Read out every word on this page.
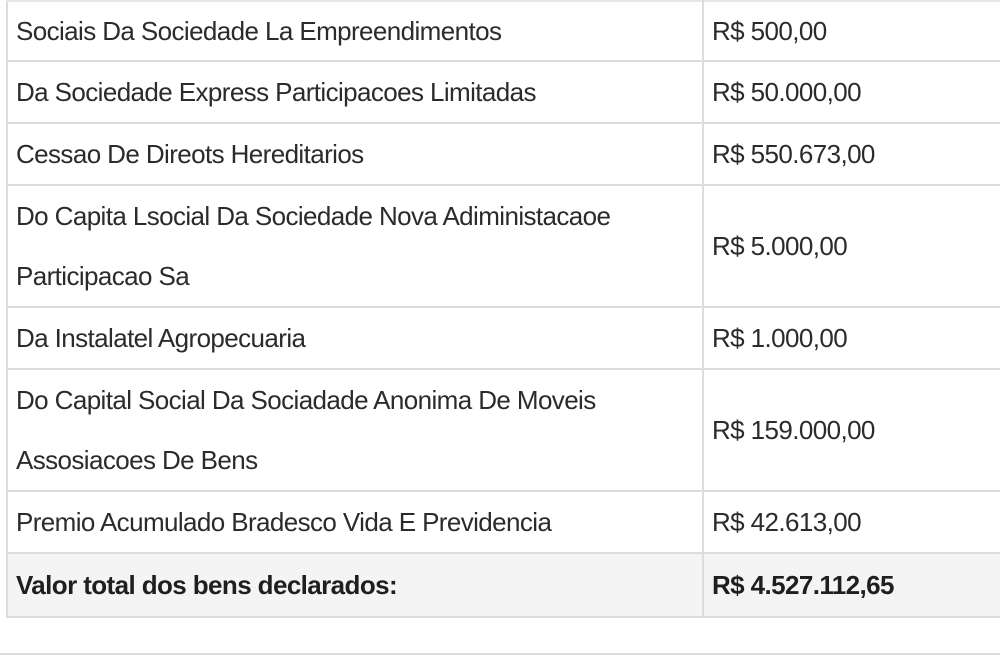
Sociais Da Sociedade La Empreendimentos	R$ 500,00
Da Sociedade Express Participacoes Limitadas	R$ 50.000,00
Cessao De Direots Hereditarios	R$ 550.673,00
Do Capita Lsocial Da Sociedade Nova Adiministacaoe Participacao Sa	R$ 5.000,00
Da Instalatel Agropecuaria	R$ 1.000,00
Do Capital Social Da Sociadade Anonima De Moveis Assosiacoes De Bens	R$ 159.000,00
Premio Acumulado Bradesco Vida E Previdencia	R$ 42.613,00
Valor total dos bens declarados:	R$ 4.527.112,65
